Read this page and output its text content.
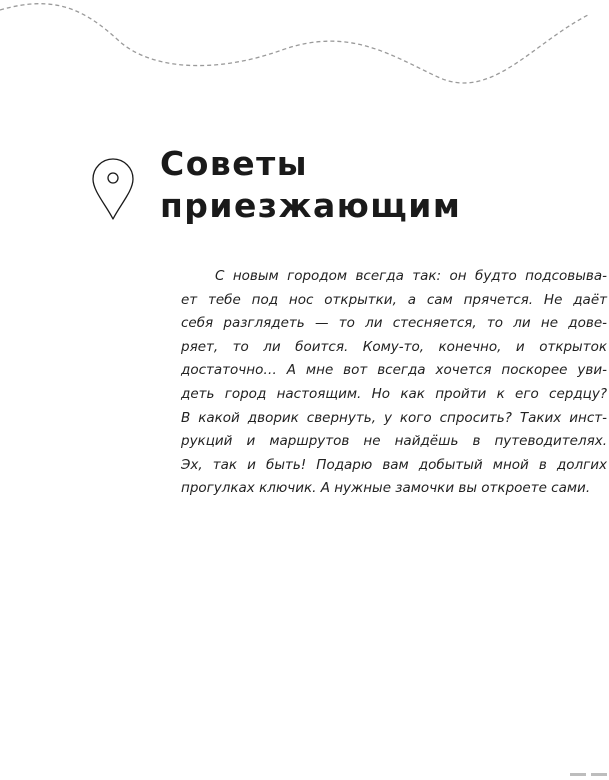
Советы
приезжающим

С новым городом всегда так: он будто подсовыва-
ет тебе под нос открытки, а сам прячется. Не даёт
себя разглядеть — то ли стесняется, то ли не дове-
ряет, то ли боится. Кому-то, конечно, и открыток
достаточно… А мне вот всегда хочется поскорее уви-
деть город настоящим. Но как пройти к его сердцу?
В какой дворик свернуть, у кого спросить? Таких инст-
рукций и маршрутов не найдёшь в путеводителях.
Эх, так и быть! Подарю вам добытый мной в долгих
прогулках ключик. А нужные замочки вы откроете сами.
